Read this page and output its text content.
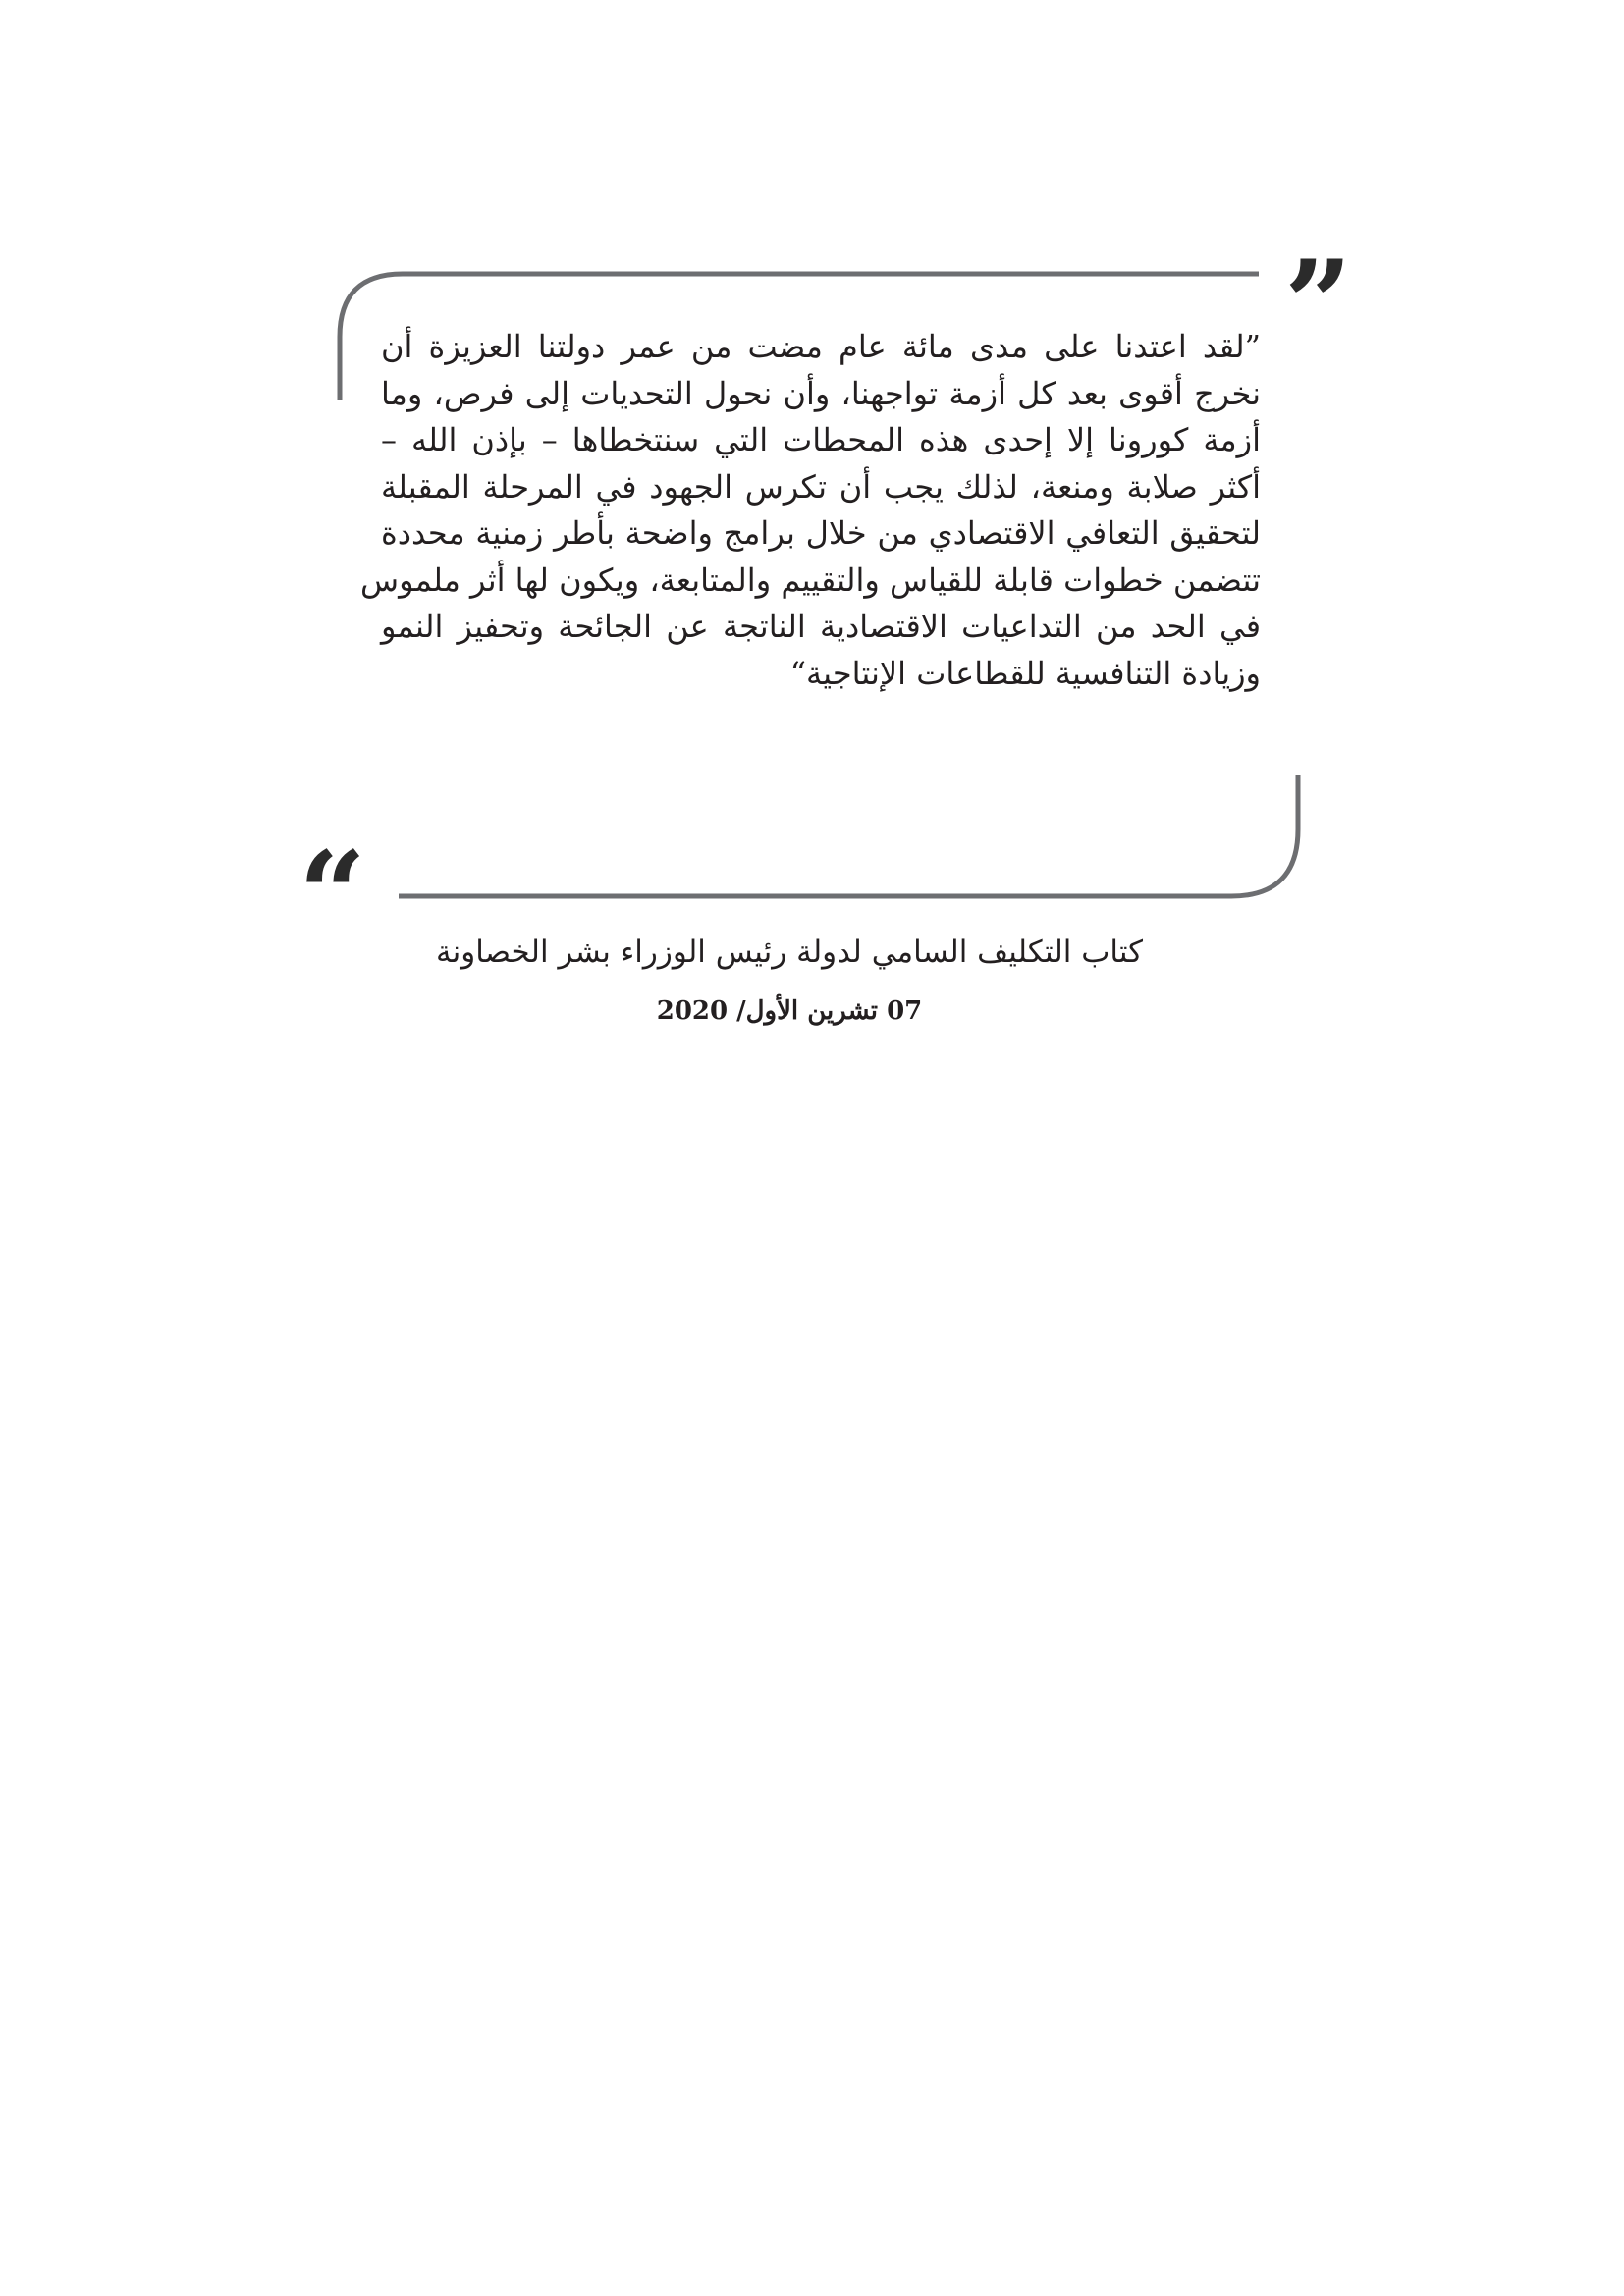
”
“

”لقد اعتدنا على مدى مائة عام مضت من عمر دولتنا العزيزة أن
نخرج أقوى بعد كل أزمة تواجهنا، وأن نحول التحديات إلى فرص، وما
أزمة كورونا إلا إحدى هذه المحطات التي سنتخطاها – بإذن الله –
أكثر صلابة ومنعة، لذلك يجب أن تكرس الجهود في المرحلة المقبلة
لتحقيق التعافي الاقتصادي من خلال برامج واضحة بأطر زمنية محددة
تتضمن خطوات قابلة للقياس والتقييم والمتابعة، ويكون لها أثر ملموس
في الحد من التداعيات الاقتصادية الناتجة عن الجائحة وتحفيز النمو
وزيادة التنافسية للقطاعات الإنتاجية“

كتاب التكليف السامي لدولة رئيس الوزراء بشر الخصاونة

07 تشرين الأول/ 2020
